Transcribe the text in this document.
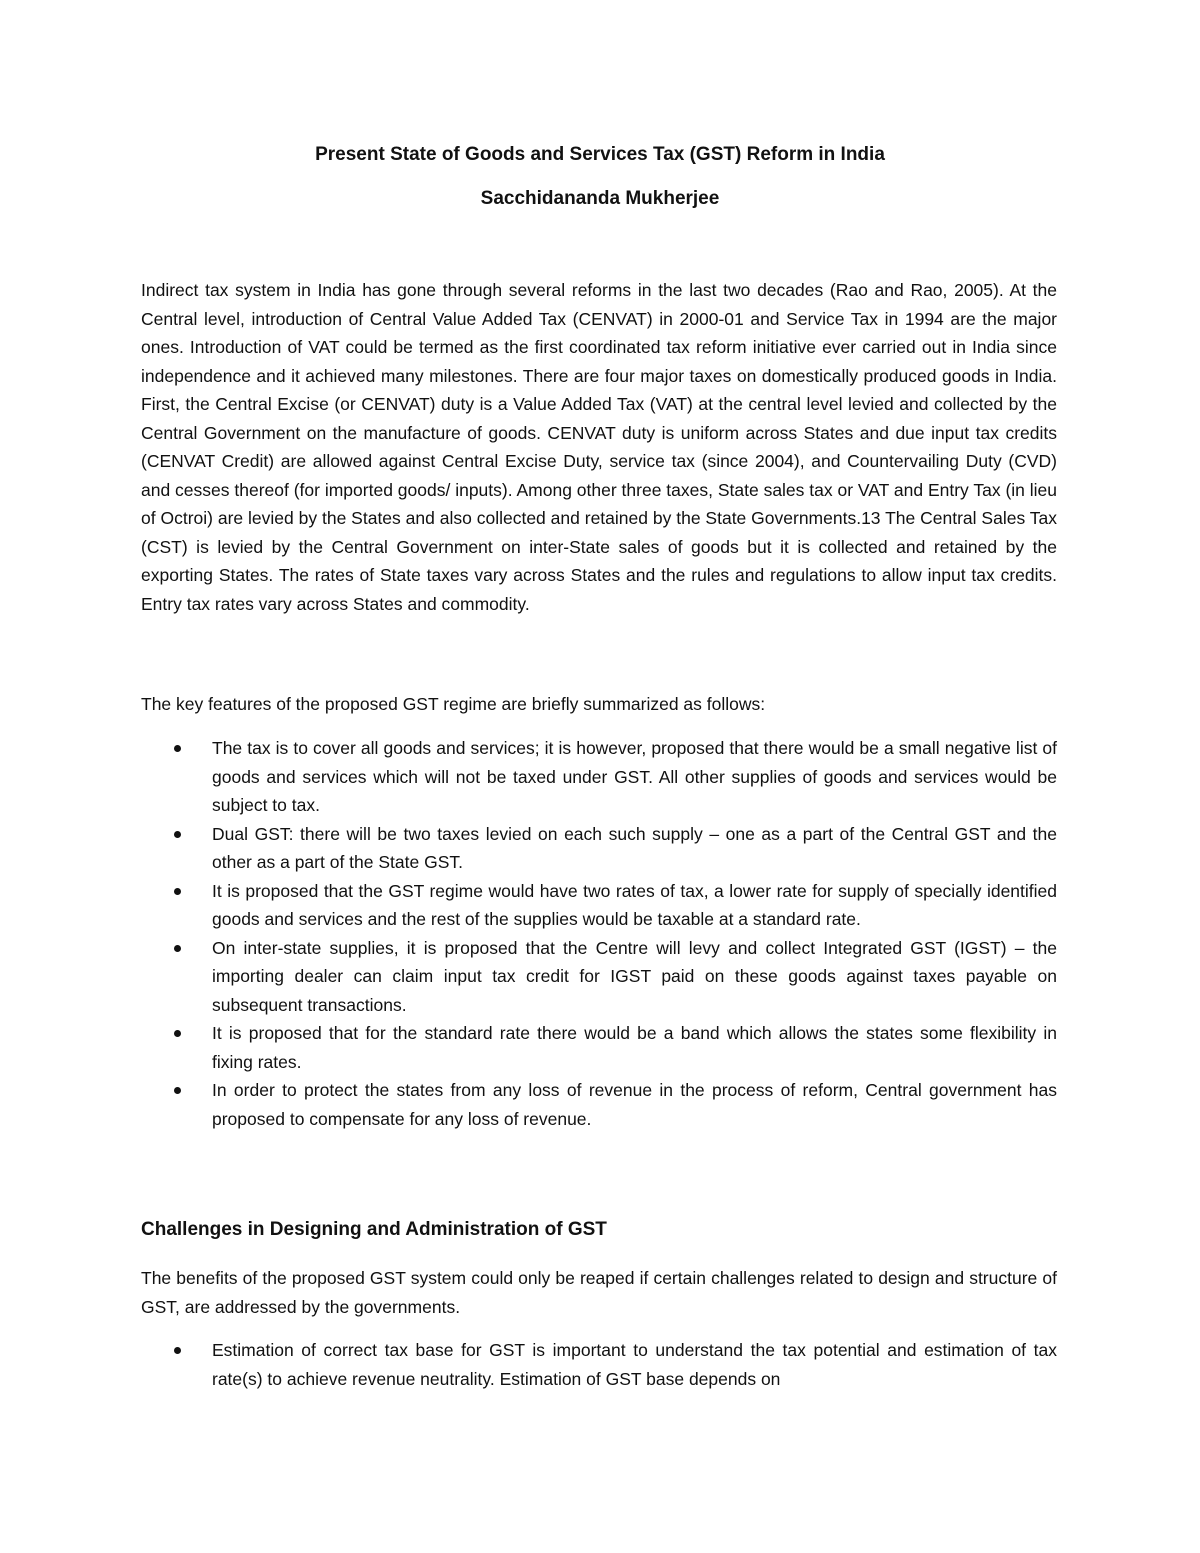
Present State of Goods and Services Tax (GST) Reform in India
Sacchidananda Mukherjee

Indirect tax system in India has gone through several reforms in the last two decades (Rao and Rao, 2005). At the Central level, introduction of Central Value Added Tax (CENVAT) in 2000-01 and Service Tax in 1994 are the major ones. Introduction of VAT could be termed as the first coordinated tax reform initiative ever carried out in India since independence and it achieved many milestones. There are four major taxes on domestically produced goods in India. First, the Central Excise (or CENVAT) duty is a Value Added Tax (VAT) at the central level levied and collected by the Central Government on the manufacture of goods. CENVAT duty is uniform across States and due input tax credits (CENVAT Credit) are allowed against Central Excise Duty, service tax (since 2004), and Countervailing Duty (CVD) and cesses thereof (for imported goods/ inputs). Among other three taxes, State sales tax or VAT and Entry Tax (in lieu of Octroi) are levied by the States and also collected and retained by the State Governments.13 The Central Sales Tax (CST) is levied by the Central Government on inter-State sales of goods but it is collected and retained by the exporting States. The rates of State taxes vary across States and the rules and regulations to allow input tax credits. Entry tax rates vary across States and commodity.

The key features of the proposed GST regime are briefly summarized as follows:

The tax is to cover all goods and services; it is however, proposed that there would be a small negative list of goods and services which will not be taxed under GST. All other supplies of goods and services would be subject to tax.
Dual GST: there will be two taxes levied on each such supply – one as a part of the Central GST and the other as a part of the State GST.
It is proposed that the GST regime would have two rates of tax, a lower rate for supply of specially identified goods and services and the rest of the supplies would be taxable at a standard rate.
On inter-state supplies, it is proposed that the Centre will levy and collect Integrated GST (IGST) – the importing dealer can claim input tax credit for IGST paid on these goods against taxes payable on subsequent transactions.
It is proposed that for the standard rate there would be a band which allows the states some flexibility in fixing rates.
In order to protect the states from any loss of revenue in the process of reform, Central government has proposed to compensate for any loss of revenue.
Challenges in Designing and Administration of GST

The benefits of the proposed GST system could only be reaped if certain challenges related to design and structure of GST, are addressed by the governments.

Estimation of correct tax base for GST is important to understand the tax potential and estimation of tax rate(s) to achieve revenue neutrality. Estimation of GST base depends on
